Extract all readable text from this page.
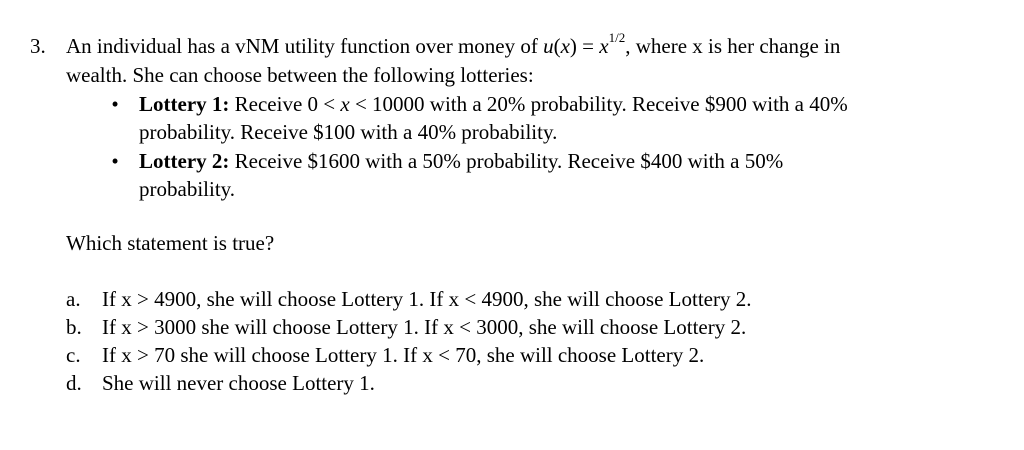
3. An individual has a vNM utility function over money of $u(x) = x^{1/2}$, where x is her change in
wealth. She can choose between the following lotteries:
• Lottery 1: Receive 0 < x < 10000 with a 20% probability. Receive $900 with a 40%
probability. Receive $100 with a 40% probability.
• Lottery 2: Receive $1600 with a 50% probability. Receive $400 with a 50%
probability.
Which statement is true?
a. If x > 4900, she will choose Lottery 1. If x < 4900, she will choose Lottery 2.
b. If x > 3000 she will choose Lottery 1. If x < 3000, she will choose Lottery 2.
c. If x > 70 she will choose Lottery 1. If x < 70, she will choose Lottery 2.
d. She will never choose Lottery 1.
